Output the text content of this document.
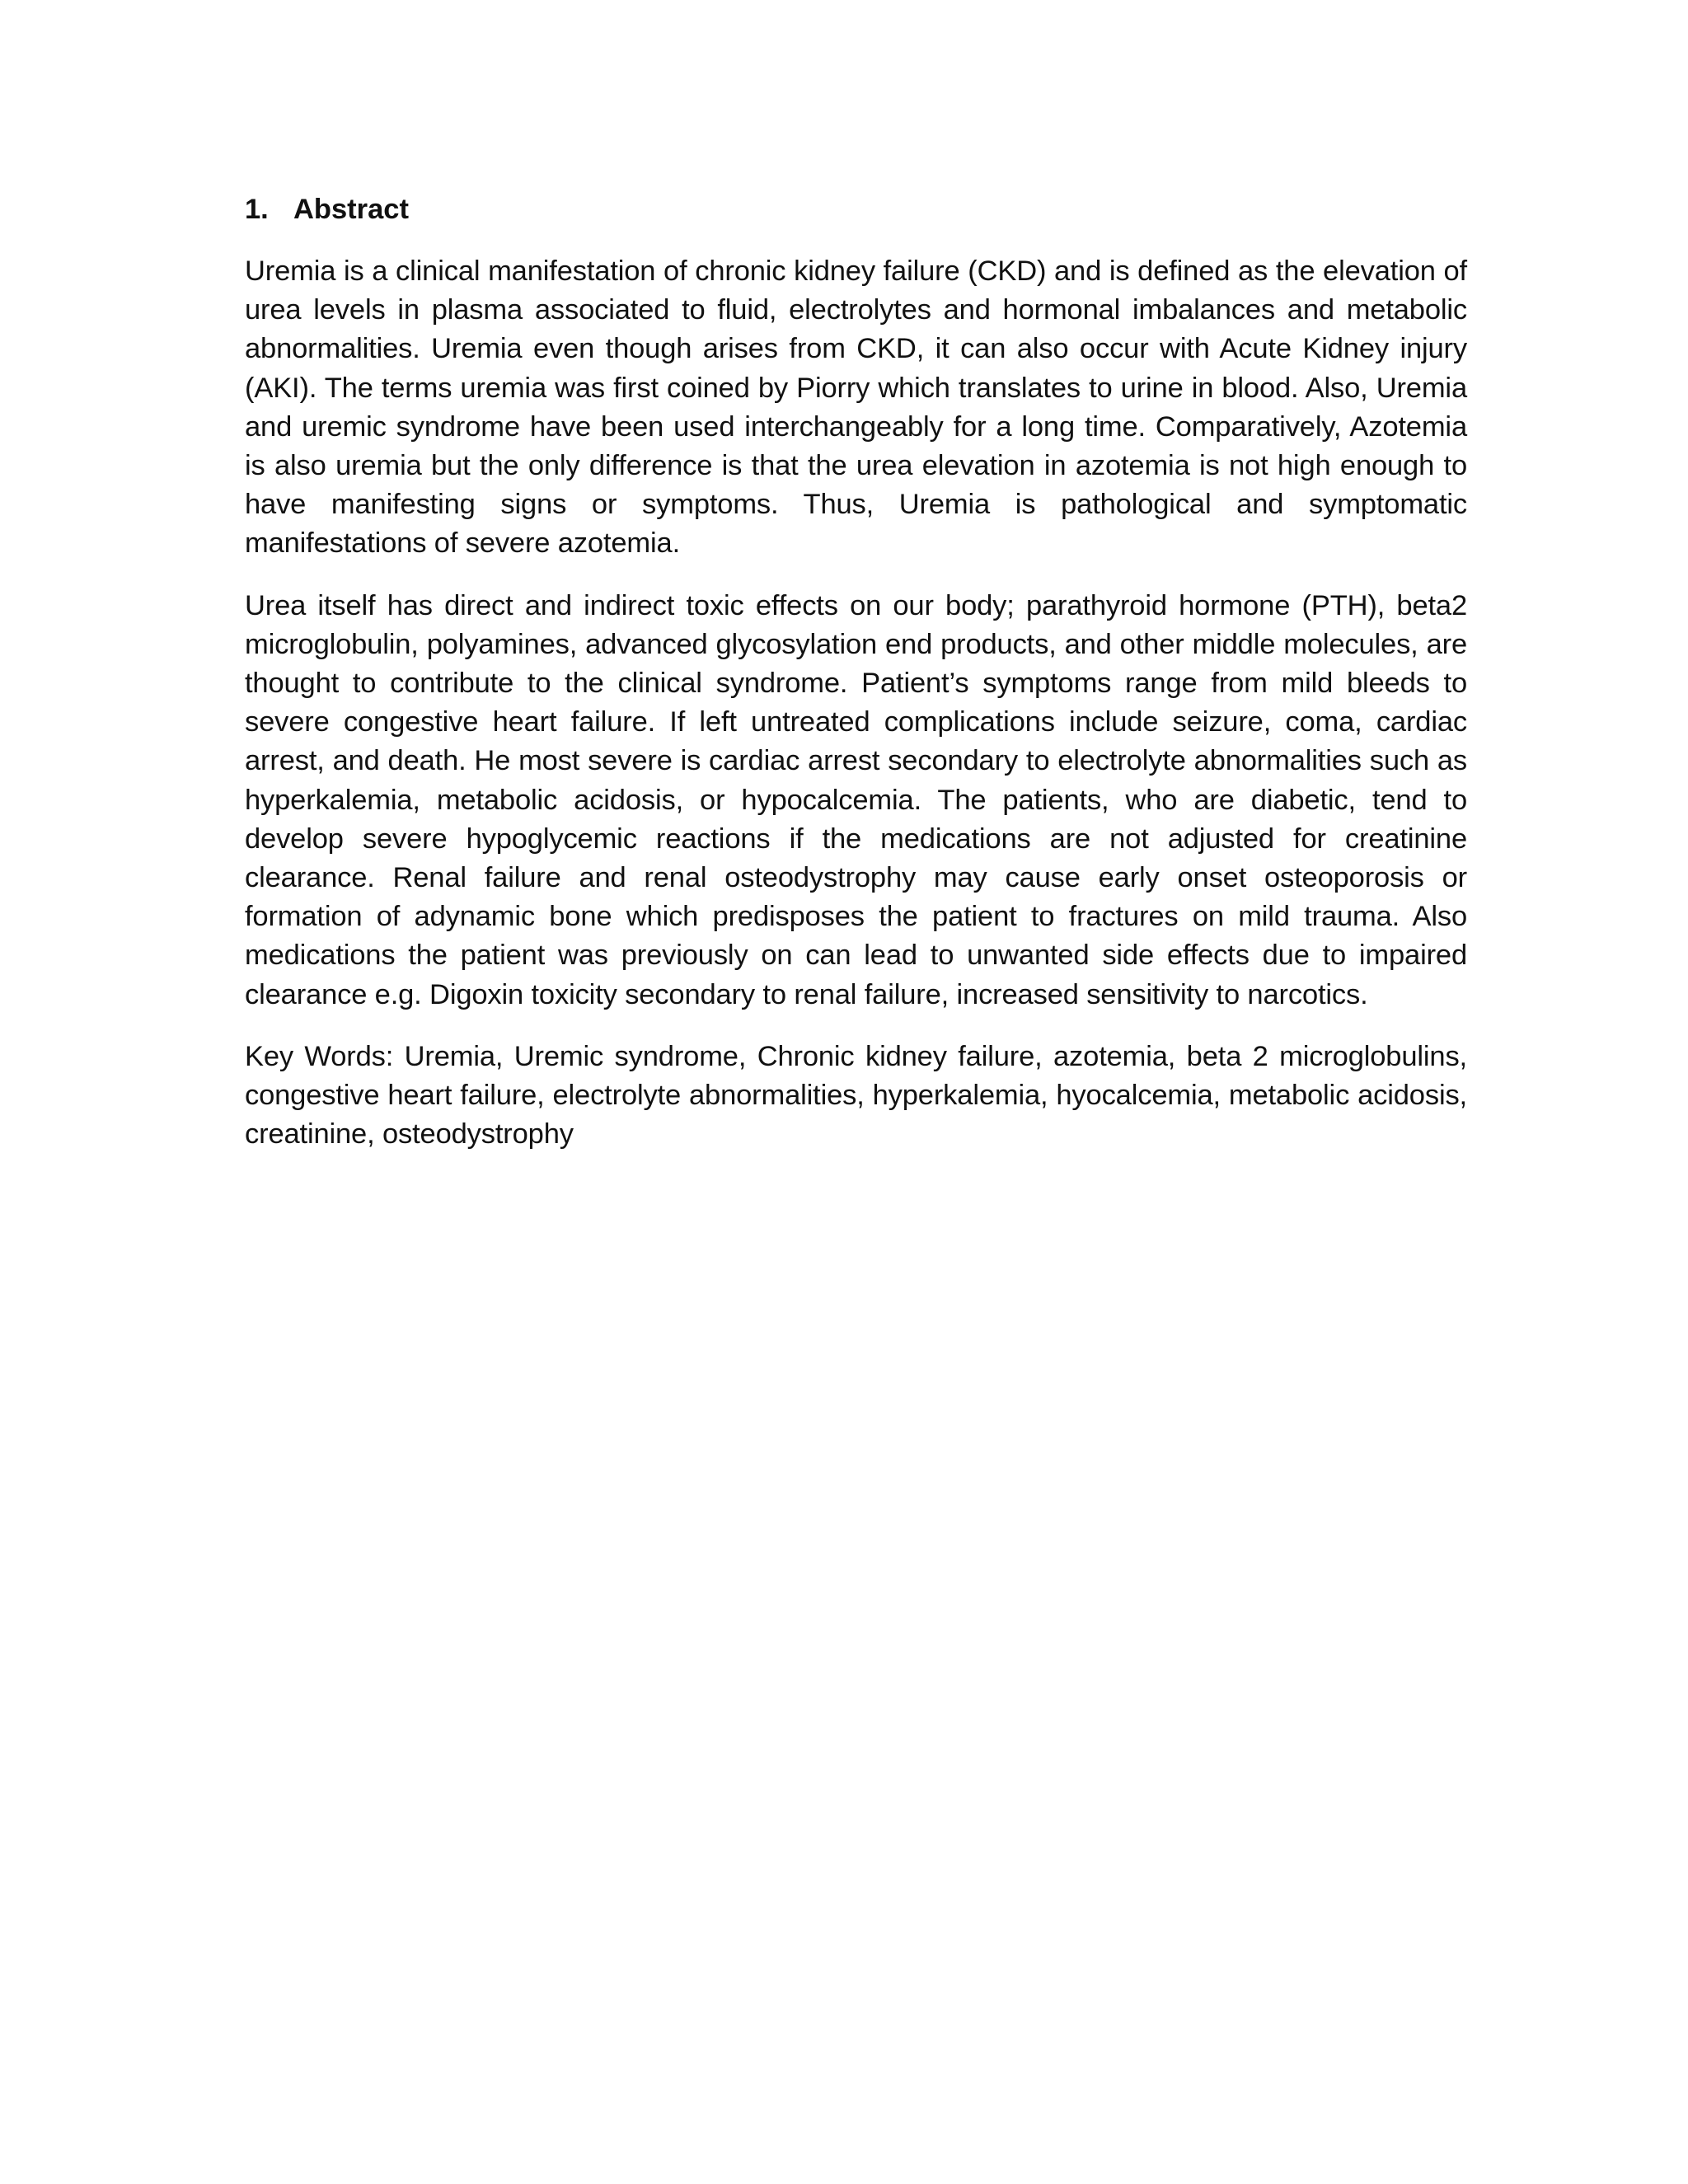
1. Abstract

Uremia is a clinical manifestation of chronic kidney failure (CKD) and is defined as the elevation of urea levels in plasma associated to fluid, electrolytes and hormonal imbalances and metabolic abnormalities. Uremia even though arises from CKD, it can also occur with Acute Kidney injury (AKI). The terms uremia was first coined by Piorry which translates to urine in blood. Also, Uremia and uremic syndrome have been used interchangeably for a long time. Comparatively, Azotemia is also uremia but the only difference is that the urea elevation in azotemia is not high enough to have manifesting signs or symptoms. Thus, Uremia is pathological and symptomatic manifestations of severe azotemia.

Urea itself has direct and indirect toxic effects on our body; parathyroid hormone (PTH), beta2 microglobulin, polyamines, advanced glycosylation end products, and other middle molecules, are thought to contribute to the clinical syndrome. Patient’s symptoms range from mild bleeds to severe congestive heart failure. If left untreated complications include seizure, coma, cardiac arrest, and death. He most severe is cardiac arrest secondary to electrolyte abnormalities such as hyperkalemia, metabolic acidosis, or hypocalcemia. The patients, who are diabetic, tend to develop severe hypoglycemic reactions if the medications are not adjusted for creatinine clearance. Renal failure and renal osteodystrophy may cause early onset osteoporosis or formation of adynamic bone which predisposes the patient to fractures on mild trauma. Also medications the patient was previously on can lead to unwanted side effects due to impaired clearance e.g. Digoxin toxicity secondary to renal failure, increased sensitivity to narcotics.

Key Words: Uremia, Uremic syndrome, Chronic kidney failure, azotemia, beta 2 microglobulins, congestive heart failure, electrolyte abnormalities, hyperkalemia, hyocalcemia, metabolic acidosis, creatinine, osteodystrophy
